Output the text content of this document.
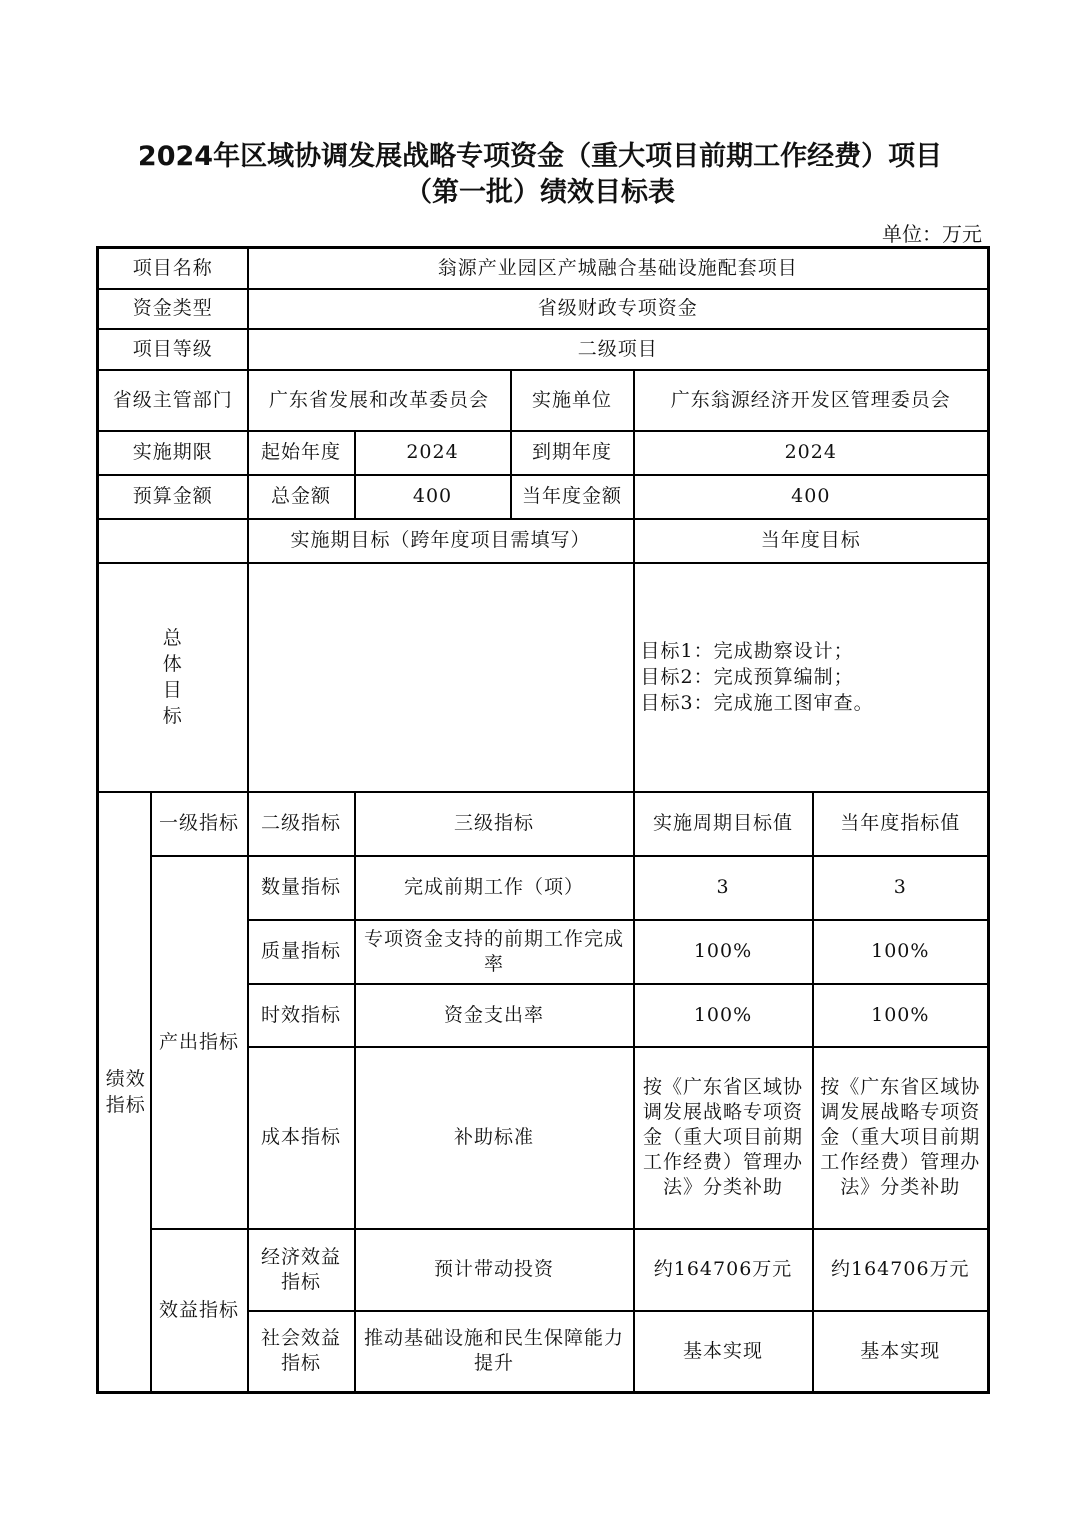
2024年区域协调发展战略专项资金（重大项目前期工作经费）项目
（第一批）绩效目标表
单位：万元
项目名称		翁源产业园区产城融合基础设施配套项目				
资金类型		省级财政专项资金				
项目等级		二级项目				
省级主管部门		广东省发展和改革委员会		实施单位	广东翁源经济开发区管理委员会	
实施期限		起始年度	2024	到期年度	2024	
预算金额		总金额	400	当年度金额	400	
		实施期目标（跨年度项目需填写）			当年度目标	
总体目标					目标1：完成勘察设计；
目标2：完成预算编制；
目标3：完成施工图审查。	

绩效指标	一级指标	二级指标	三级指标		实施周期目标值	当年度指标值
	产出指标	数量指标	完成前期工作（项）		3	3
		质量指标	专项资金支持的前期工作完成率		100%	100%
		时效指标	资金支出率		100%	100%
		成本指标	补助标准		按《广东省区域协调发展战略专项资金（重大项目前期工作经费）管理办法》分类补助	按《广东省区域协调发展战略专项资金（重大项目前期工作经费）管理办法》分类补助
	效益指标	经济效益指标	预计带动投资		约164706万元	约164706万元
		社会效益指标	推动基础设施和民生保障能力提升		基本实现	基本实现
